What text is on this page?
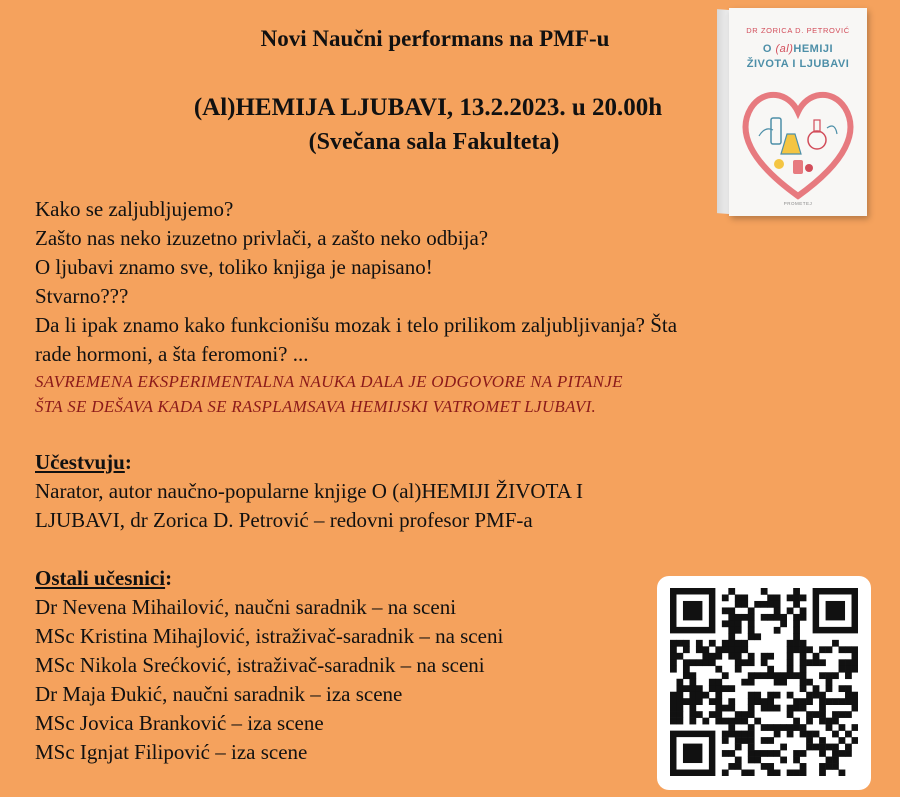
Novi Naučni performans na PMF-u
(Al)HEMIJA LJUBAVI, 13.2.2023. u 20.00h
(Svečana sala Fakulteta)
DR ZORICA D. PETROVIĆ
O (al)HEMIJI
ŽIVOTA I LJUBAVI
PROMETEJ

Kako se zaljubljujemo?

Zašto nas neko izuzetno privlači, a zašto neko odbija?

O ljubavi znamo sve, toliko knjiga je napisano!

Stvarno???

Da li ipak znamo kako funkcionišu mozak i telo prilikom zaljubljivanja? Šta

rade hormoni, a šta feromoni? ...

SAVREMENA EKSPERIMENTALNA NAUKA DALA JE ODGOVORE NA PITANJE

ŠTA SE DEŠAVA KADA SE RASPLAMSAVA HEMIJSKI VATROMET LJUBAVI.

Učestvuju:

Narator, autor naučno-popularne knjige O (al)HEMIJI ŽIVOTA I

LJUBAVI, dr Zorica D. Petrović – redovni profesor PMF-a

Ostali učesnici:

Dr Nevena Mihailović, naučni saradnik – na sceni

MSc Kristina Mihajlović, istraživač-saradnik – na sceni

MSc Nikola Srećković, istraživač-saradnik – na sceni

Dr Maja Đukić, naučni saradnik – iza scene

MSc Jovica Branković – iza scene

MSc Ignjat Filipović – iza scene
